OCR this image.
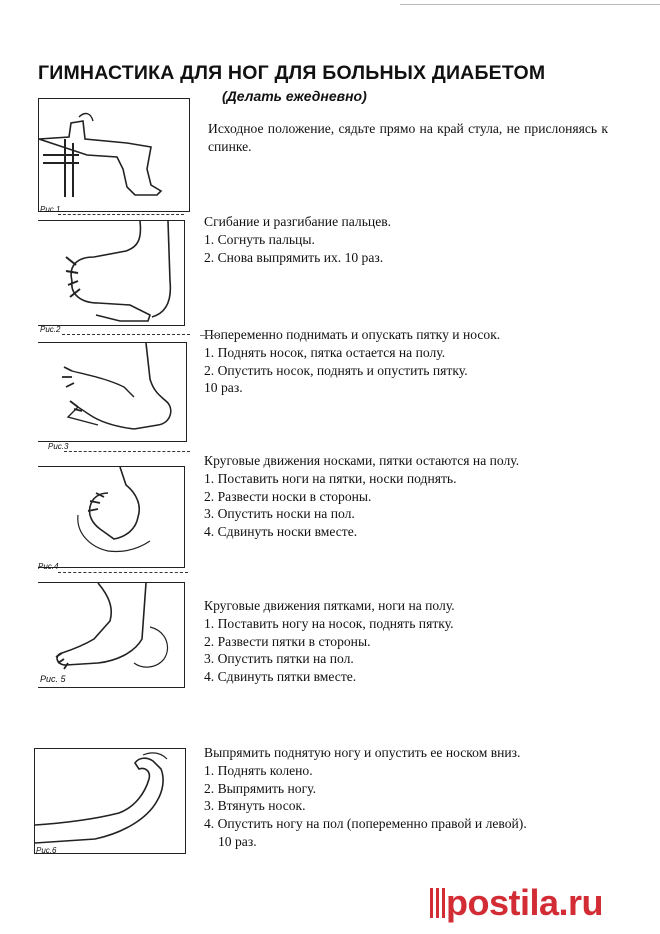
ГИМНАСТИКА ДЛЯ НОГ ДЛЯ БОЛЬНЫХ ДИАБЕТОМ
(Делать ежедневно)
Рис.1
Рис.2
Рис.3
Рис.4
Рис. 5
Рис.6
Исходное положение, сядьте прямо на край стула, не прислоняясь к спинке.
Сгибание и разгибание пальцев.
1. Согнуть пальцы.
2. Снова выпрямить их. 10 раз.
Попеременно поднимать и опускать пятку и носок.
1. Поднять носок, пятка остается на полу.
2. Опустить носок, поднять и опустить пятку.
10 раз.
Круговые движения носками, пятки остаются на полу.
1. Поставить ноги на пятки, носки поднять.
2. Развести носки в стороны.
3. Опустить носки на пол.
4. Сдвинуть носки вместе.
Круговые движения пятками, ноги на полу.
1. Поставить ногу на носок, поднять пятку.
2. Развести пятки в стороны.
3. Опустить пятки на пол.
4. Сдвинуть пятки вместе.
Выпрямить поднятую ногу и опустить ее носком вниз.
1. Поднять колено.
2. Выпрямить ногу.
3. Втянуть носок.
4. Опустить ногу на пол (попеременно правой и левой).
10 раз.
postila.ru
